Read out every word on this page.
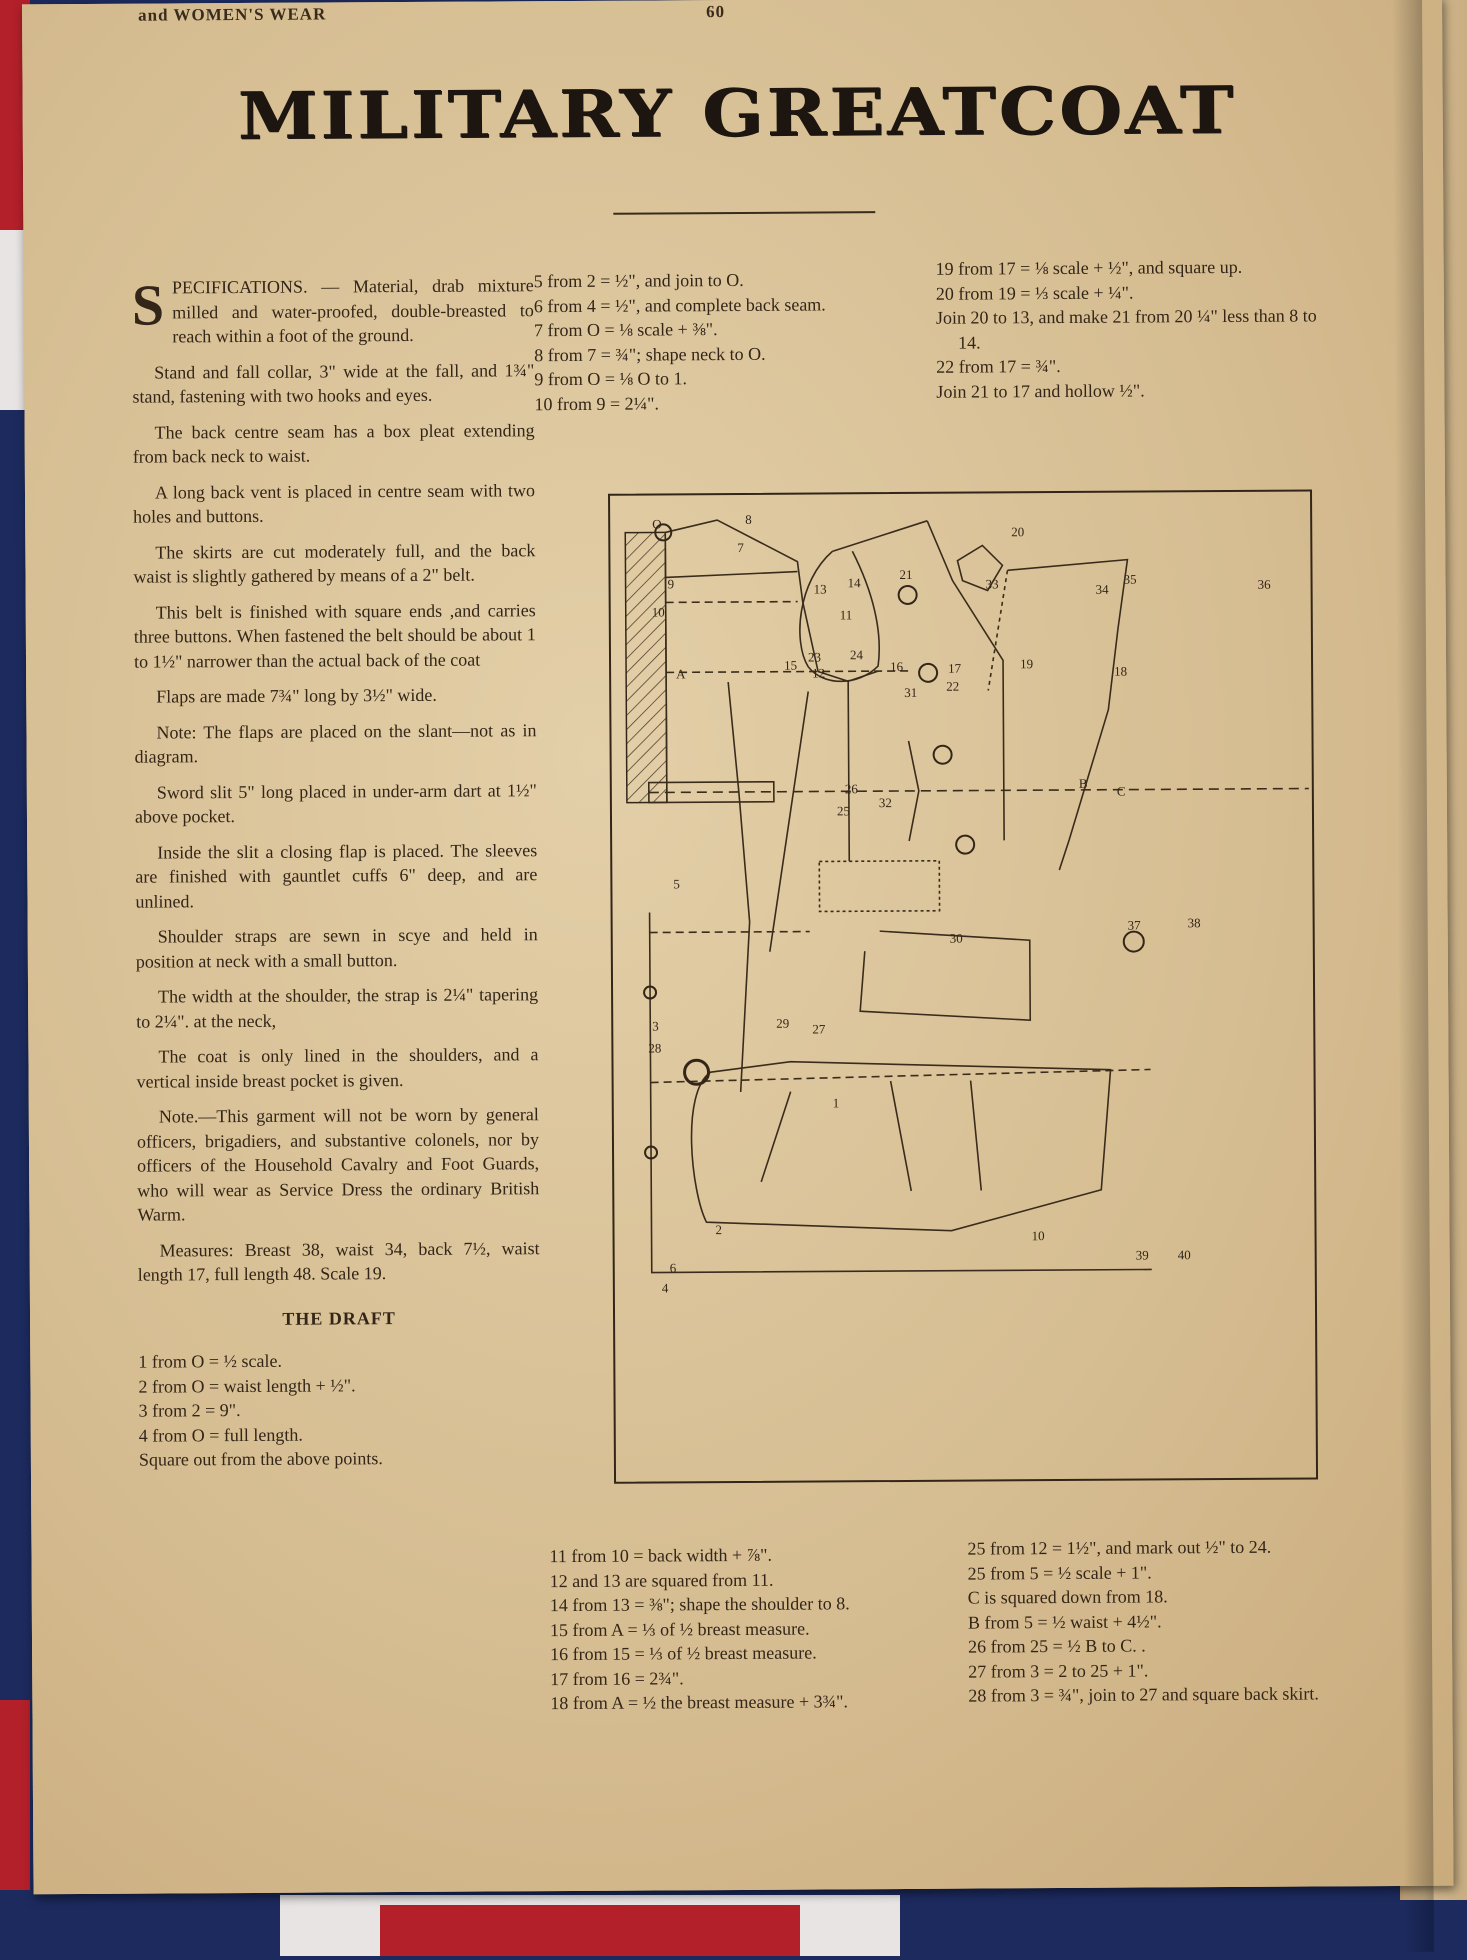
and WOMEN'S WEAR	60
MILITARY GREATCOAT

SPECIFICATIONS. — Material, drab mixture milled and water-proofed, double-breasted to reach within a foot of the ground.

Stand and fall collar, 3" wide at the fall, and 1¾" stand, fastening with two hooks and eyes.

The back centre seam has a box pleat extending from back neck to waist.

A long back vent is placed in centre seam with two holes and buttons.

The skirts are cut moderately full, and the back waist is slightly gathered by means of a 2" belt.

This belt is finished with square ends ,and carries three buttons. When fastened the belt should be about 1 to 1½" narrower than the actual back of the coat

Flaps are made 7¾" long by 3½" wide.

Note: The flaps are placed on the slant—not as in diagram.

Sword slit 5" long placed in under-arm dart at 1½" above pocket.

Inside the slit a closing flap is placed. The sleeves are finished with gauntlet cuffs 6" deep, and are unlined.

Shoulder straps are sewn in scye and held in position at neck with a small button.

The width at the shoulder, the strap is 2¼" tapering to 2¼". at the neck,

The coat is only lined in the shoulders, and a vertical inside breast pocket is given.

Note.—This garment will not be worn by general officers, brigadiers, and substantive colonels, nor by officers of the Household Cavalry and Foot Guards, who will wear as Service Dress the ordinary British Warm.

Measures: Breast 38, waist 34, back 7½, waist length 17, full length 48. Scale 19.

THE DRAFT
1 from O = ½ scale.
2 from O = waist length + ½".
3 from 2 = 9".
4 from O = full length.
Square out from the above points.
5 from 2 = ½", and join to O.
6 from 4 = ½", and complete back seam.
7 from O = ⅛ scale + ⅜".
8 from 7 = ¾"; shape neck to O.
9 from O = ⅛ O to 1.
10 from 9 = 2¼".
19 from 17 = ⅛ scale + ½", and square up.
20 from 19 = ⅓ scale + ¼".
Join 20 to 13, and make 21 from 20 ¼" less than 8 to 14.
22 from 17 = ¾".
Join 21 to 17 and hollow ½".
O	8
7
20
21
14
13
11
9
10
33	35	36
34
A
15
12
23 24
16	17
22
31
19	18
26
25
32
B
C
5
37	38
30
29 27
3
28
1
2
4
6
39 40
10
11 from 10 = back width + ⅞".
12 and 13 are squared from 11.
14 from 13 = ⅜"; shape the shoulder to 8.
15 from A = ⅓ of ½ breast measure.
16 from 15 = ⅓ of ½ breast measure.
17 from 16 = 2¾".
18 from A = ½ the breast measure + 3¾".
25 from 12 = 1½", and mark out ½" to 24.
25 from 5 = ½ scale + 1".
C is squared down from 18.
B from 5 = ½ waist + 4½".
26 from 25 = ½ B to C. .
27 from 3 = 2 to 25 + 1".
28 from 3 = ¾", join to 27 and square back skirt.
